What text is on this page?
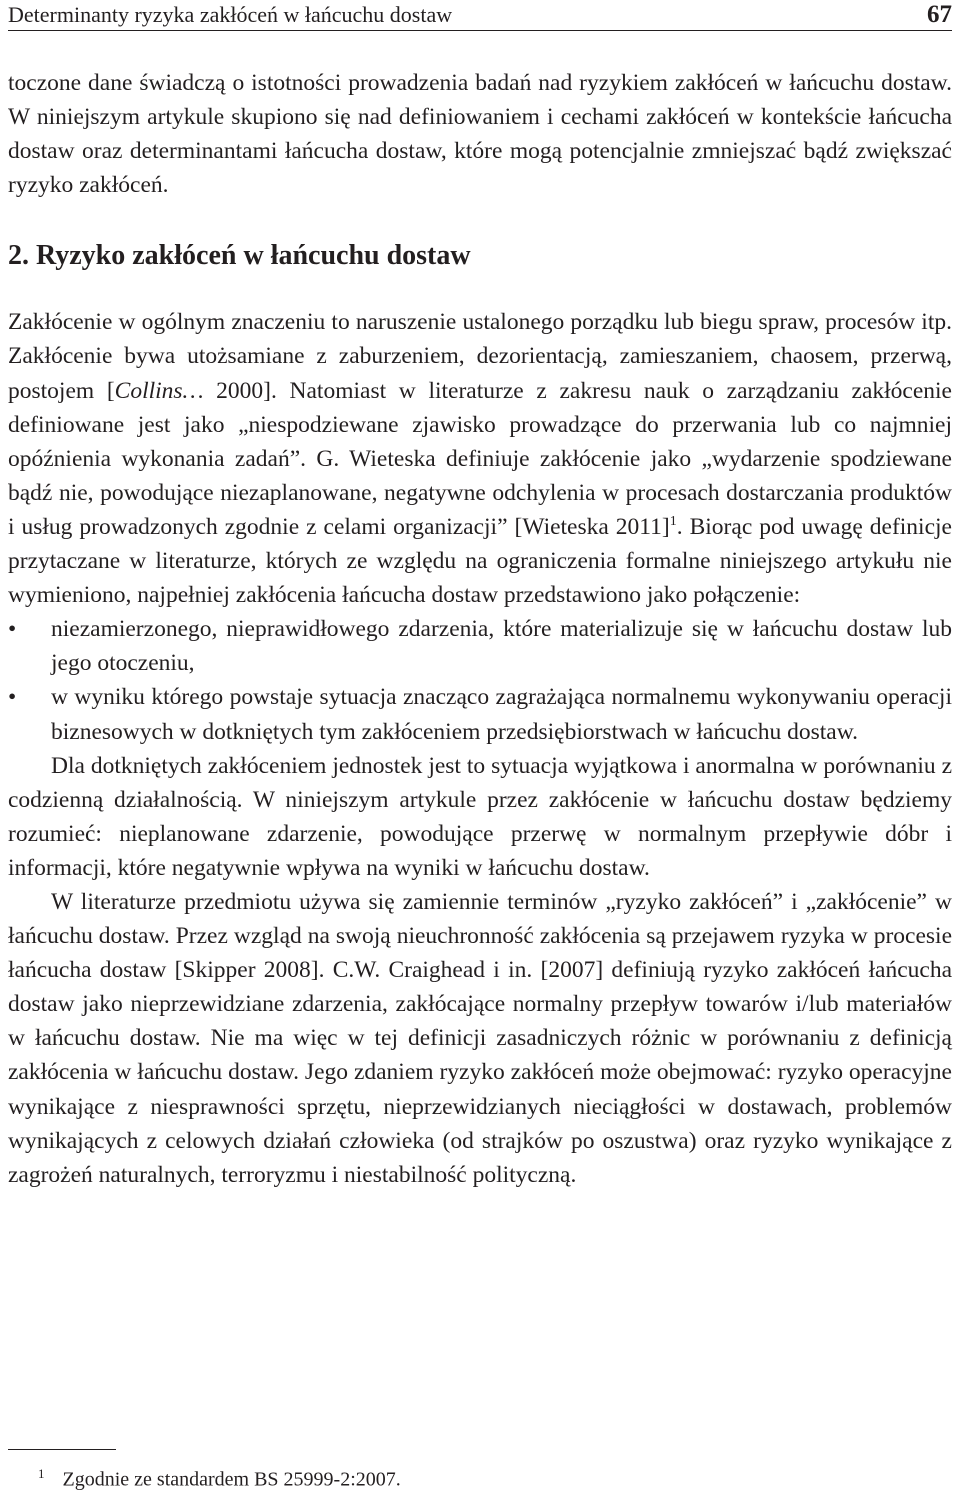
Determinanty ryzyka zakłóceń w łańcuchu dostaw	67

toczone dane świadczą o istotności prowadzenia badań nad ryzykiem zakłóceń w łańcuchu dostaw. W niniejszym artykule skupiono się nad definiowaniem i cechami zakłóceń w kontekście łańcucha dostaw oraz determinantami łańcucha dostaw, które mogą potencjalnie zmniejszać bądź zwiększać ryzyko zakłóceń.

2. Ryzyko zakłóceń w łańcuchu dostaw

Zakłócenie w ogólnym znaczeniu to naruszenie ustalonego porządku lub biegu spraw, procesów itp. Zakłócenie bywa utożsamiane z zaburzeniem, dezorientacją, zamieszaniem, chaosem, przerwą, postojem [Collins… 2000]. Natomiast w literaturze z zakresu nauk o zarządzaniu zakłócenie definiowane jest jako „niespodziewane zjawisko prowadzące do przerwania lub co najmniej opóźnienia wykonania zadań”. G. Wieteska definiuje zakłócenie jako „wydarzenie spodziewane bądź nie, powodujące niezaplanowane, negatywne odchylenia w procesach dostarczania produktów i usług prowadzonych zgodnie z celami organizacji” [Wieteska 2011]$^1$. Biorąc pod uwagę definicje przytaczane w literaturze, których ze względu na ograniczenia formalne niniejszego artykułu nie wymieniono, najpełniej zakłócenia łańcucha dostaw przedstawiono jako połączenie:

• niezamierzonego, nieprawidłowego zdarzenia, które materializuje się w łańcuchu dostaw lub jego otoczeniu,
• w wyniku którego powstaje sytuacja znacząco zagrażająca normalnemu wykonywaniu operacji biznesowych w dotkniętych tym zakłóceniem przedsiębiorstwach w łańcuchu dostaw.

Dla dotkniętych zakłóceniem jednostek jest to sytuacja wyjątkowa i anormalna w porównaniu z codzienną działalnością. W niniejszym artykule przez zakłócenie w łańcuchu dostaw będziemy rozumieć: nieplanowane zdarzenie, powodujące przerwę w normalnym przepływie dóbr i informacji, które negatywnie wpływa na wyniki w łańcuchu dostaw.

W literaturze przedmiotu używa się zamiennie terminów „ryzyko zakłóceń” i „zakłócenie” w łańcuchu dostaw. Przez wzgląd na swoją nieuchronność zakłócenia są przejawem ryzyka w procesie łańcucha dostaw [Skipper 2008]. C.W. Craighead i in. [2007] definiują ryzyko zakłóceń łańcucha dostaw jako nieprzewidziane zdarzenia, zakłócające normalny przepływ towarów i/lub materiałów w łańcuchu dostaw. Nie ma więc w tej definicji zasadniczych różnic w porównaniu z definicją zakłócenia w łańcuchu dostaw. Jego zdaniem ryzyko zakłóceń może obejmować: ryzyko operacyjne wynikające z niesprawności sprzętu, nieprzewidzianych nieciągłości w dostawach, problemów wynikających z celowych działań człowieka (od strajków po oszustwa) oraz ryzyko wynikające z zagrożeń naturalnych, terroryzmu i niestabilność polityczną.

$^1$ Zgodnie ze standardem BS 25999-2:2007.
